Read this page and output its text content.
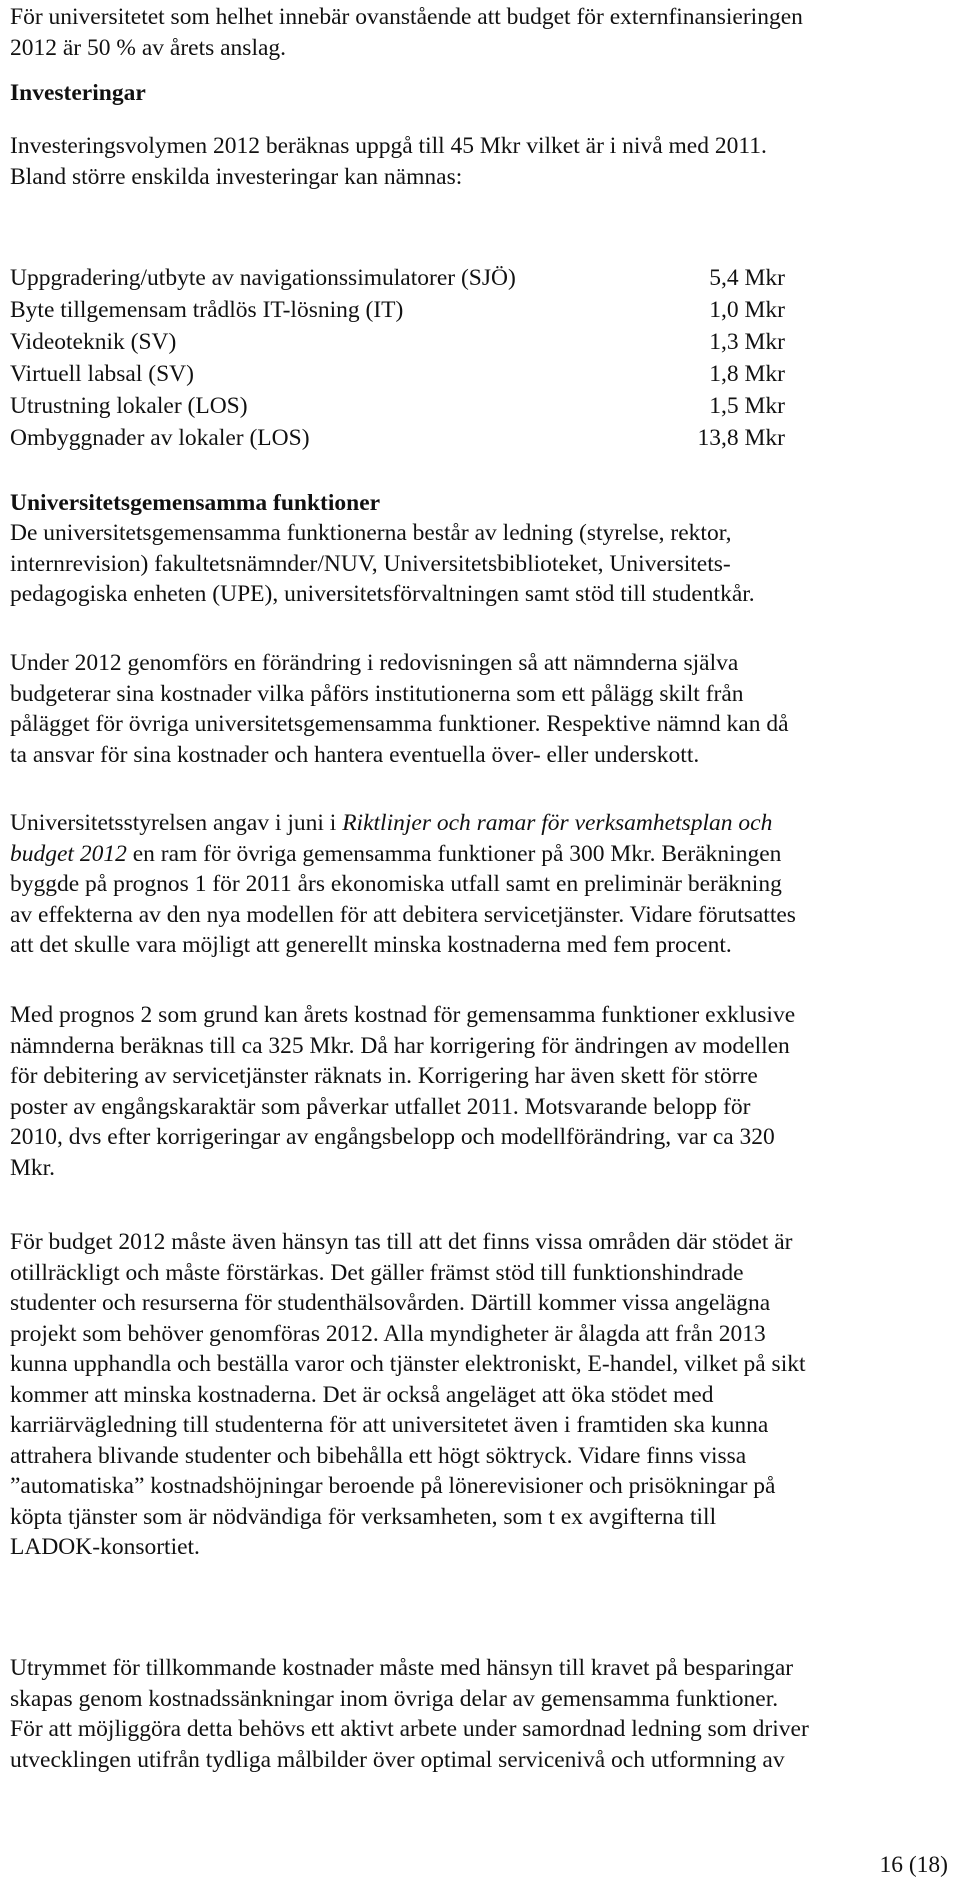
För universitetet som helhet innebär ovanstående att budget för externfinansieringen
2012 är 50 % av årets anslag.

Investeringar

Investeringsvolymen 2012 beräknas uppgå till 45 Mkr vilket är i nivå med 2011.
Bland större enskilda investeringar kan nämnas:

Uppgradering/utbyte av navigationssimulatorer (SJÖ)	5,4 Mkr
Byte tillgemensam trådlös IT-lösning (IT)	1,0 Mkr
Videoteknik (SV)	1,3 Mkr
Virtuell labsal (SV)	1,8 Mkr
Utrustning lokaler (LOS)	1,5 Mkr
Ombyggnader av lokaler (LOS)	13,8 Mkr
Universitetsgemensamma funktioner

De universitetsgemensamma funktionerna består av ledning (styrelse, rektor,
internrevision) fakultetsnämnder/NUV, Universitetsbiblioteket, Universitets-
pedagogiska enheten (UPE), universitetsförvaltningen samt stöd till studentkår.

Under 2012 genomförs en förändring i redovisningen så att nämnderna själva
budgeterar sina kostnader vilka påförs institutionerna som ett pålägg skilt från
pålägget för övriga universitetsgemensamma funktioner. Respektive nämnd kan då
ta ansvar för sina kostnader och hantera eventuella över- eller underskott.

Universitetsstyrelsen angav i juni i Riktlinjer och ramar för verksamhetsplan och
budget 2012 en ram för övriga gemensamma funktioner på 300 Mkr. Beräkningen
byggde på prognos 1 för 2011 års ekonomiska utfall samt en preliminär beräkning
av effekterna av den nya modellen för att debitera servicetjänster. Vidare förutsattes
att det skulle vara möjligt att generellt minska kostnaderna med fem procent.

Med prognos 2 som grund kan årets kostnad för gemensamma funktioner exklusive
nämnderna beräknas till ca 325 Mkr. Då har korrigering för ändringen av modellen
för debitering av servicetjänster räknats in. Korrigering har även skett för större
poster av engångskaraktär som påverkar utfallet 2011. Motsvarande belopp för
2010, dvs efter korrigeringar av engångsbelopp och modellförändring, var ca 320
Mkr.

För budget 2012 måste även hänsyn tas till att det finns vissa områden där stödet är
otillräckligt och måste förstärkas. Det gäller främst stöd till funktionshindrade
studenter och resurserna för studenthälsovården. Därtill kommer vissa angelägna
projekt som behöver genomföras 2012. Alla myndigheter är ålagda att från 2013
kunna upphandla och beställa varor och tjänster elektroniskt, E-handel, vilket på sikt
kommer att minska kostnaderna. Det är också angeläget att öka stödet med
karriärvägledning till studenterna för att universitetet även i framtiden ska kunna
attrahera blivande studenter och bibehålla ett högt söktryck. Vidare finns vissa
”automatiska” kostnadshöjningar beroende på lönerevisioner och prisökningar på
köpta tjänster som är nödvändiga för verksamheten, som t ex avgifterna till
LADOK-konsortiet.

Utrymmet för tillkommande kostnader måste med hänsyn till kravet på besparingar
skapas genom kostnadssänkningar inom övriga delar av gemensamma funktioner.
För att möjliggöra detta behövs ett aktivt arbete under samordnad ledning som driver
utvecklingen utifrån tydliga målbilder över optimal servicenivå och utformning av

16 (18)
